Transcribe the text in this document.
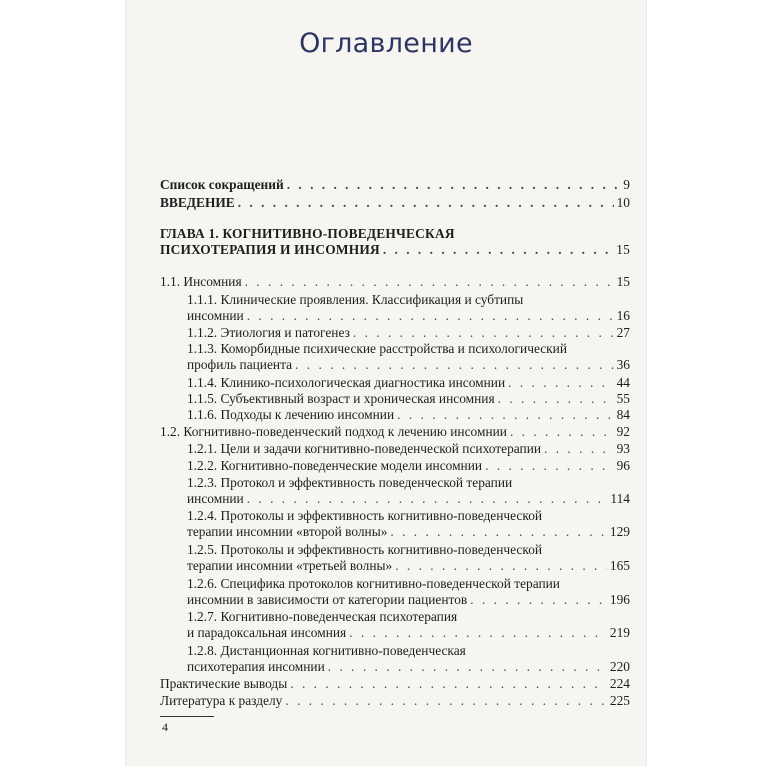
Оглавление
Список сокращений . . .	9
ВВЕДЕНИЕ . . .	10
ГЛАВА 1. КОГНИТИВНО-ПОВЕДЕНЧЕСКАЯ
ПСИХОТЕРАПИЯ И ИНСОМНИЯ . . .	15
1.1. Инсомния . . .	15
1.1.1. Клинические проявления. Классификация и субтипы
инсомнии . . .	16
1.1.2. Этиология и патогенез . . .	27
1.1.3. Коморбидные психические расстройства и психологический
профиль пациента . . .	36
1.1.4. Клинико-психологическая диагностика инсомнии . . .	44
1.1.5. Субъективный возраст и хроническая инсомния . . .	55
1.1.6. Подходы к лечению инсомнии . . .	84
1.2. Когнитивно-поведенческий подход к лечению инсомнии . . .	92
1.2.1. Цели и задачи когнитивно-поведенческой психотерапии . . .	93
1.2.2. Когнитивно-поведенческие модели инсомнии . . .	96
1.2.3. Протокол и эффективность поведенческой терапии
инсомнии . . .	114
1.2.4. Протоколы и эффективность когнитивно-поведенческой
терапии инсомнии «второй волны» . . .	129
1.2.5. Протоколы и эффективность когнитивно-поведенческой
терапии инсомнии «третьей волны» . . .	165
1.2.6. Специфика протоколов когнитивно-поведенческой терапии
инсомнии в зависимости от категории пациентов . . .	196
1.2.7. Когнитивно-поведенческая психотерапия
и парадоксальная инсомния . . .	219
1.2.8. Дистанционная когнитивно-поведенческая
психотерапия инсомнии . . .	220
Практические выводы . . .	224
Литература к разделу . . .	225
4
